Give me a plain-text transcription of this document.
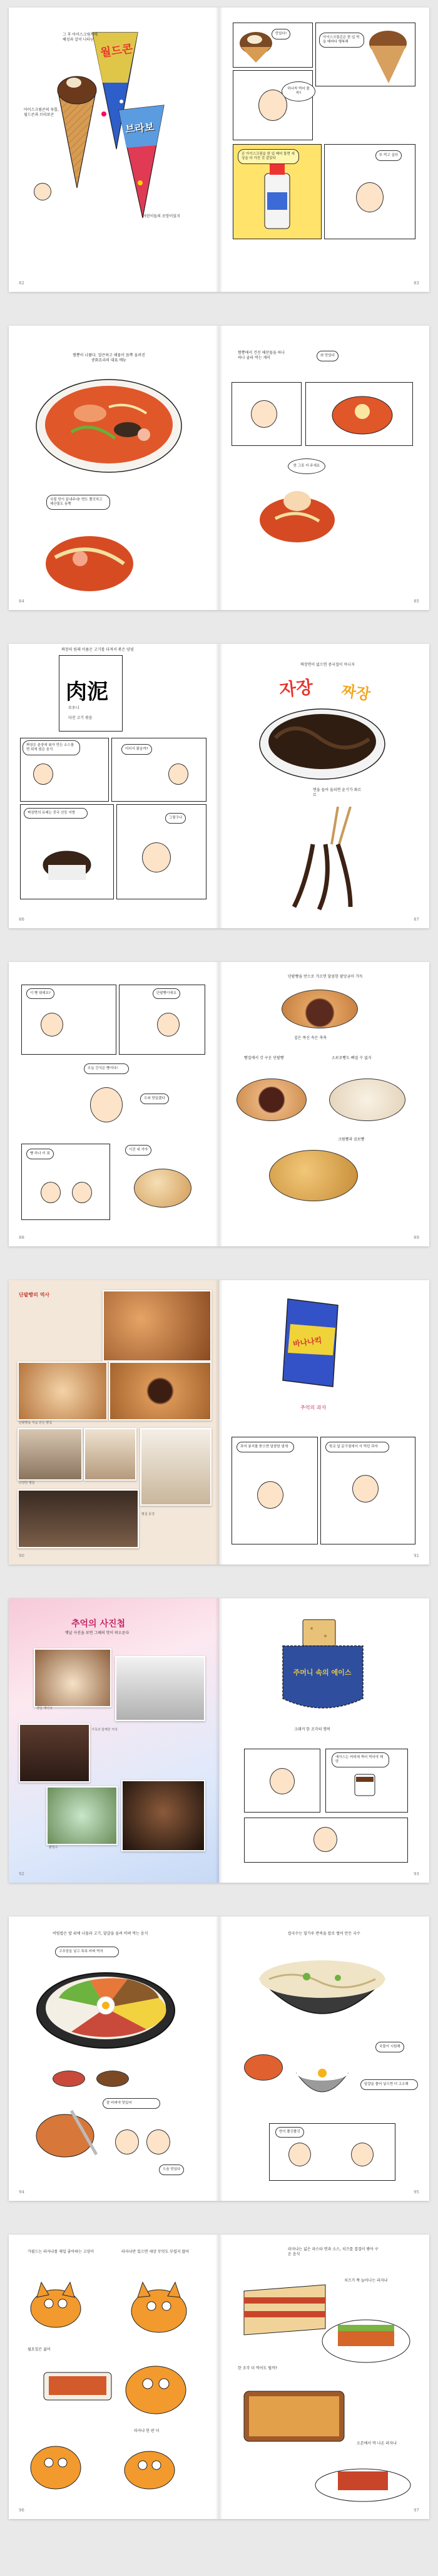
월드콘
브라보
그 후 아이스크림계에 혜성과 같이 나타난
아이스크림콘의 투톱, 월드콘과 브라보콘
어린이들의 로망이었지
82
맛있다!
아이스크림콘은 한 입 먹을 때마다 행복해
하나씩 먹어 볼까?
콘 아이스크림을 한 입 베어 물면 세상을 다 가진 것 같았다
또 먹고 싶다
83
짬뽕이 나왔다. 얼큰하고 해물이 듬뿍 올려진 중화요리의 대표 메뉴
국물 맛이 끝내주네! 면도 쫄깃하고 해산물도 듬뿍
84
짬뽕에서 건진 해산물을 하나하나 골라 먹는 재미	와 맛있다
한 그릇 더 주세요
85
肉泥
로우니
다진 고기 볶음
짜장의 원래 이름은 고기를 다져서 볶은 양념
짜장은 춘장에 볶아 만든 소스를 면 위에 얹은 음식	어디서 왔을까?
짜장면의 유래는 중국 산둥 지방
그렇구나
86
짜장면이 없으면 중국집이 아니지
자장 짜장
면을 들어 올리면 윤기가 좌르르
87
이 빵 뭐예요?	단팥빵이에요
오늘 간식은 빵이다!
우와 맛있겠다
빵 하나 더 줘
이건 내 거야
88
단팥빵을 반으로 가르면 달콤한 팥앙금이 가득
겉은 폭신 속은 촉촉
빵집에서 갓 구운 단팥빵	소보로빵도 빠질 수 없지
크림빵과 곰보빵
89
단팥빵의 역사
단팥빵을 처음 만든 빵집
다양한 빵들
빵집 풍경
90
바나나킥
추억의 과자
과자 봉지를 뜯으면 달콤한 냄새	학교 앞 문구점에서 사 먹던 과자
91
추억의 사진첩
옛날 사진을 보면 그때의 맛이 떠오른다
생일 케이크
가족과 함께한 저녁
팥빙수
92
주머니 속의 에이스
크래커 한 조각의 행복
에이스는 커피에 찍어 먹어야 제맛
93
비빔밥은 밥 위에 나물과 고기, 달걀을 올려 비벼 먹는 음식
고추장을 넣고 쓱쓱 비벼 먹자
잘 비벼야 맛있어
으음 맛있다
94
칼국수는 밀가루 반죽을 칼로 썰어 만든 국수
국물이 시원해
달걀을 풀어 넣으면 더 고소해
면이 쫄깃쫄깃
95
가필드는 라자냐를 제일 좋아하는 고양이	라자냐만 있으면 세상 무엇도 부럽지 않아
월요일은 싫어
라자냐 한 판 더
96
라자냐는 넓은 파스타 면과 소스, 치즈를 겹겹이 쌓아 구운 음식
치즈가 쭉 늘어나는 라자냐
한 조각 더 먹어도 될까?
오븐에서 막 나온 라자냐
97
